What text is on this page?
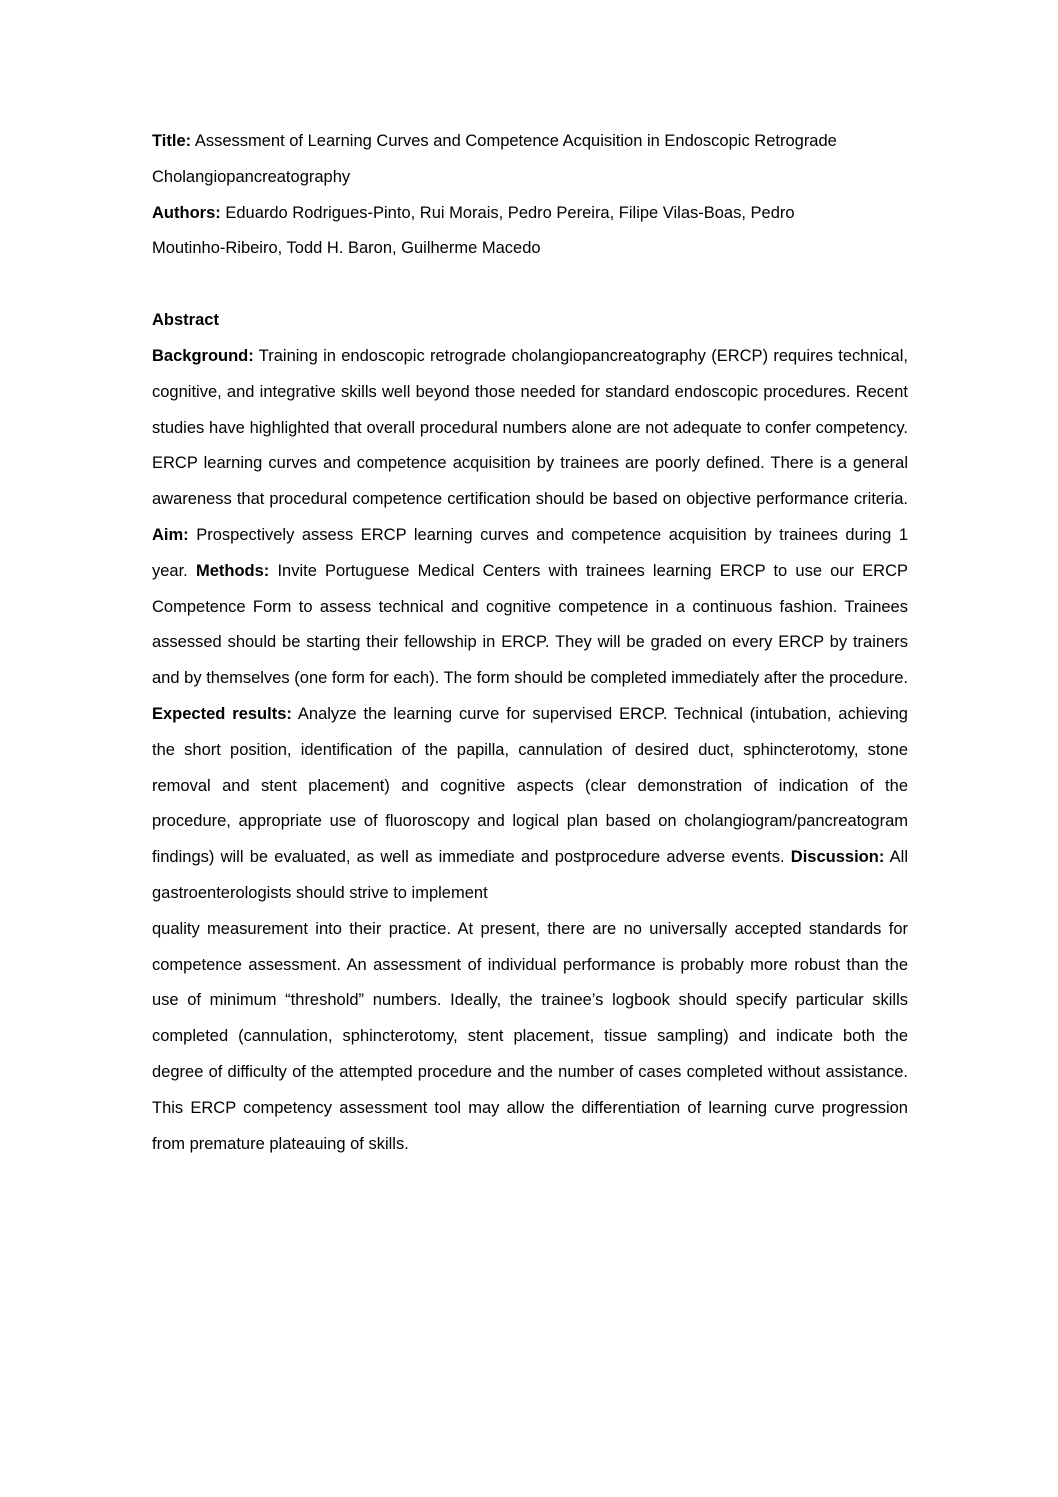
Title: Assessment of Learning Curves and Competence Acquisition in Endoscopic Retrograde
Cholangiopancreatography
Authors: Eduardo Rodrigues-Pinto, Rui Morais, Pedro Pereira, Filipe Vilas-Boas, Pedro
Moutinho-Ribeiro, Todd H. Baron, Guilherme Macedo
Abstract

Background: Training in endoscopic retrograde cholangiopancreatography (ERCP) requires technical, cognitive, and integrative skills well beyond those needed for standard endoscopic procedures. Recent studies have highlighted that overall procedural numbers alone are not adequate to confer competency. ERCP learning curves and competence acquisition by trainees are poorly defined. There is a general awareness that procedural competence certification should be based on objective performance criteria. Aim: Prospectively assess ERCP learning curves and competence acquisition by trainees during 1 year. Methods: Invite Portuguese Medical Centers with trainees learning ERCP to use our ERCP Competence Form to assess technical and cognitive competence in a continuous fashion. Trainees assessed should be starting their fellowship in ERCP. They will be graded on every ERCP by trainers and by themselves (one form for each). The form should be completed immediately after the procedure. Expected results: Analyze the learning curve for supervised ERCP. Technical (intubation, achieving the short position, identification of the papilla, cannulation of desired duct, sphincterotomy, stone removal and stent placement) and cognitive aspects (clear demonstration of indication of the procedure, appropriate use of fluoroscopy and logical plan based on cholangiogram/pancreatogram findings) will be evaluated, as well as immediate and postprocedure adverse events. Discussion: All gastroenterologists should strive to implement

quality measurement into their practice. At present, there are no universally accepted standards for competence assessment. An assessment of individual performance is probably more robust than the use of minimum “threshold” numbers. Ideally, the trainee’s logbook should specify particular skills completed (cannulation, sphincterotomy, stent placement, tissue sampling) and indicate both the degree of difficulty of the attempted procedure and the number of cases completed without assistance. This ERCP competency assessment tool may allow the differentiation of learning curve progression from premature plateauing of skills.
